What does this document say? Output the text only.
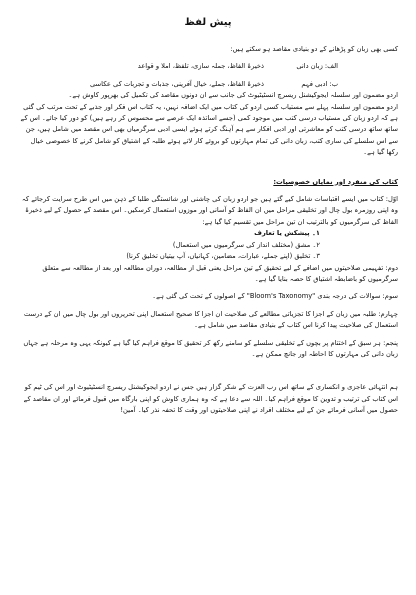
پیش لفظ

کسی بھی زبان کو پڑھانے کے دو بنیادی مقاصد ہو سکتے ہیں:

الف: زبان دانی
ذخیرۂ الفاظ، جملہ سازی، تلفظ، املا و قواعد
ب: ادبی فہم
ذخیرۂ الفاظ، جملے، خیال آفرینی، جذبات و تجربات کی عکاسی

اردو مضمون اور سلسلہ ایجوکیشنل ریسرچ انسٹیٹیوٹ کی جانب سے ان دونوں مقاصد کی تکمیل کی بھرپور کاوش ہے۔

اردو مضمون اور سلسلہ پہلے سے مستیاب کسی اردو کی کتاب میں ایک اضافہ نہیں، یہ کتاب اس فکر اور جذبے کے تحت مرتب کی گئی ہے کہ اردو زبان کی مستیاب درسی کتب میں موجود کمی (جسے اساتذہ ایک عرصے سے محسوس کر رہے ہیں) کو دور کیا جائے۔ اس کے ساتھ ساتھ درسی کتب کو معاشرتی اور ادبی افکار سے ہم آہنگ کرتے ہوئے ایسی ادبی سرگرمیاں بھی اس مقصد میں شامل ہیں، جن سے اس سلسلے کی ساری کتب، زبان دانی کی تمام مہارتوں کو بروئے کار لاتے ہوئے طلبہ کے اشتیاق کو شامل کرنے کا خصوصی خیال رکھا گیا ہے۔

کتاب کی منفرد اور نمایاں خصوصیات:

اوّل: کتاب میں ایسے اقتباسات شامل کیے گئے ہیں جو اردو زبان کی چاشنی اور شائستگی طلبا کے ذہن میں اس طرح سرایت کرجائے کہ وہ اپنی روزمرہ بول چال اور تخلیقی مراحل میں ان الفاظ کو آسانی اور موزوں استعمال کرسکیں۔ اس مقصد کے حصول کے لیے ذخیرۂ الفاظ کی سرگرمیوں کو بالترتیب ان تین مراحل میں تقسیم کیا گیا ہے:

۱۔ پیشکش یا تعارف

۲۔ مشق (مختلف انداز کی سرگرمیوں میں استعمال)

۳۔ تخلیق (اپنے جملے، عبارات، مضامین، کہانیاں، آپ بیتیاں تخلیق کرنا)

دوم: تفہیمی صلاحیتوں میں اضافے کے لیے تحقیق کے تین مراحل یعنی قبل از مطالعہ، دوران مطالعہ اور بعد از مطالعہ سے متعلق سرگرمیوں کو باضابطہ اشتیاق کا حصہ بنایا گیا ہے۔

سوم: سوالات کی درجہ بندی "Bloom's Taxonomy" کے اصولوں کے تحت کی گئی ہے۔

چہارم: طلبہ میں زبان کے اجزا کا تجزیاتی مطالعے کی صلاحیت ان اجزا کا صحیح استعمال اپنی تحریروں اور بول چال میں ان کے درست استعمال کی صلاحیت پیدا کرنا اس کتاب کے بنیادی مقاصد میں شامل ہے۔

پنجم: ہر سبق کے اختتام پر بچوں کے تخلیقی سلسلے کو سامنے رکھ کر تحقیق کا موقع فراہم کیا گیا ہے کیونکہ یہی وہ مرحلہ ہے جہاں زبان دانی کی مہارتوں کا احاطہ اور جانچ ممکن ہے۔

ہم انتہائی عاجزی و انکساری کے ساتھ اس رب العزت کے شکر گزار ہیں جس نے اردو ایجوکیشنل ریسرچ انسٹیٹیوٹ اور اس کی ٹیم کو اس کتاب کی ترتیب و تدوین کا موقع فراہم کیا۔ اللہ سے دعا ہے کہ وہ ہماری کاوش کو اپنی بارگاہ میں قبول فرمائے اور ان مقاصد کے حصول میں آسانی فرمائے جن کے لیے مختلف افراد نے اپنی صلاحیتوں اور وقت کا تحفہ نذر کیا۔ آمین!
